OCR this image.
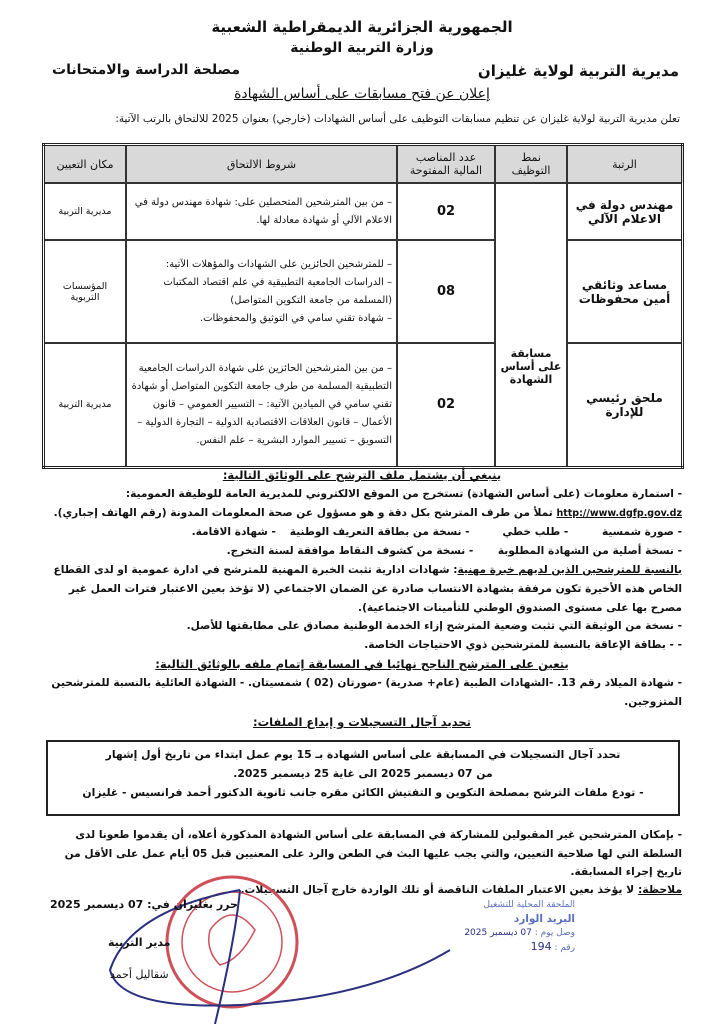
الجمهورية الجزائرية الديمقراطية الشعبية
وزارة التربية الوطنية
مديرية التربية لولاية غليزان
مصلحة الدراسة والامتحانات
إعلان عن فتح مسابقات على أساس الشهادة
تعلن مديرية التربية لولاية غليزان عن تنظيم مسابقات التوظيف على أساس الشهادات (خارجي) بعنوان 2025 للالتحاق بالرتب الآتية:
الرتبة	نمط التوظيف	عدد المناصب المالية المفتوحة	شروط الالتحاق	مكان التعيين
مهندس دولة في الاعلام الآلي	مسابقة على أساس الشهادة	02	– من بين المترشحين المتحصلين على: شهادة مهندس دولة في الاعلام الآلي أو شهادة معادلة لها.	مديرية التربية
مساعد وثائقي أمين محفوظات		08	– للمترشحين الحائزين على الشهادات والمؤهلات الآتية:
– الدراسات الجامعية التطبيقية في علم اقتصاد المكتبات (المسلمة من جامعة التكوين المتواصل)
– شهادة تقني سامي في التوثيق والمحفوظات.	المؤسسات التربوية
ملحق رئيسي للإدارة		02	– من بين المترشحين الحائزين على شهادة الدراسات الجامعية التطبيقية المسلمة من طرف جامعة التكوين المتواصل أو شهادة تقني سامي في الميادين الآتية: – التسيير العمومي – قانون الأعمال – قانون العلاقات الاقتصادية الدولية – التجارة الدولية – التسويق – تسيير الموارد البشرية – علم النفس.	مديرية التربية

ينبغي أن يشتمل ملف الترشح على الوثائق التالية:

- استمارة معلومات (على أساس الشهادة) تستخرج من الموقع الالكتروني للمديرية العامة للوظيفة العمومية:

http://www.dgfp.gov.dz تملأ من طرف المترشح بكل دقة و هو مسؤول عن صحة المعلومات المدونة (رقم الهاتف إجباري).

- صورة شمسية - طلب خطي - نسخة من بطاقة التعريف الوطنية - شهادة الاقامة.

- نسخة أصلية من الشهادة المطلوبة - نسخة من كشوف النقاط موافقة لسنة التخرج.

بالنسبة للمترشحين الذين لديهم خبرة مهنية: شهادات ادارية تثبت الخبرة المهنية للمترشح في ادارة عمومية او لدى القطاع الخاص هذه الأخيرة تكون مرفقة بشهادة الانتساب صادرة عن الضمان الاجتماعي (لا تؤخذ بعين الاعتبار فترات العمل غير مصرح بها على مستوى الصندوق الوطني للتأمينات الاجتماعية).

- نسخة من الوثيقة التي تثبت وضعية المترشح إزاء الخدمة الوطنية مصادق على مطابقتها للأصل.

- - بطاقة الإعاقة بالنسبة للمترشحين ذوي الاحتياجات الخاصة.

يتعين على المترشح الناجح نهائيا في المسابقة إتمام ملفه بالوثائق التالية:

- شهادة الميلاد رقم 13. -الشهادات الطبية (عام+ صدرية) -صورتان (02 ) شمسيتان. - الشهادة العائلية بالنسبة للمترشحين المتزوجين.

تحديد آجال التسجيلات و إيداع الملفات:

تحدد آجال التسجيلات في المسابقة على أساس الشهادة بـ 15 يوم عمل ابتداء من تاريخ أول إشهار
من 07 ديسمبر 2025 الى غاية 25 ديسمبر 2025.
- تودع ملفات الترشح بمصلحة التكوين و التفتيش الكائن مقره جانب ثانوية الدكتور أحمد فرانسيس - غليزان
- بإمكان المترشحين غير المقبولين للمشاركة في المسابقة على أساس الشهادة المذكورة أعلاه، أن يقدموا طعونا لدى السلطة التي لها صلاحية التعيين، والتي يجب عليها البث في الطعن والرد على المعنيين قبل 05 أيام عمل على الأقل من تاريخ إجراء المسابقة.
ملاحظة: لا يؤخذ بعين الاعتبار الملفات الناقصة أو تلك الواردة خارج آجال التسجيلات.
حرر بغليزان في: 07 ديسمبر 2025
مدير التربية
شقاليل أحمد
الملحقة المحلية للتشغيل
البريد الوارد
وصل يوم : 07 ديسمبر 2025
رقم : 194
